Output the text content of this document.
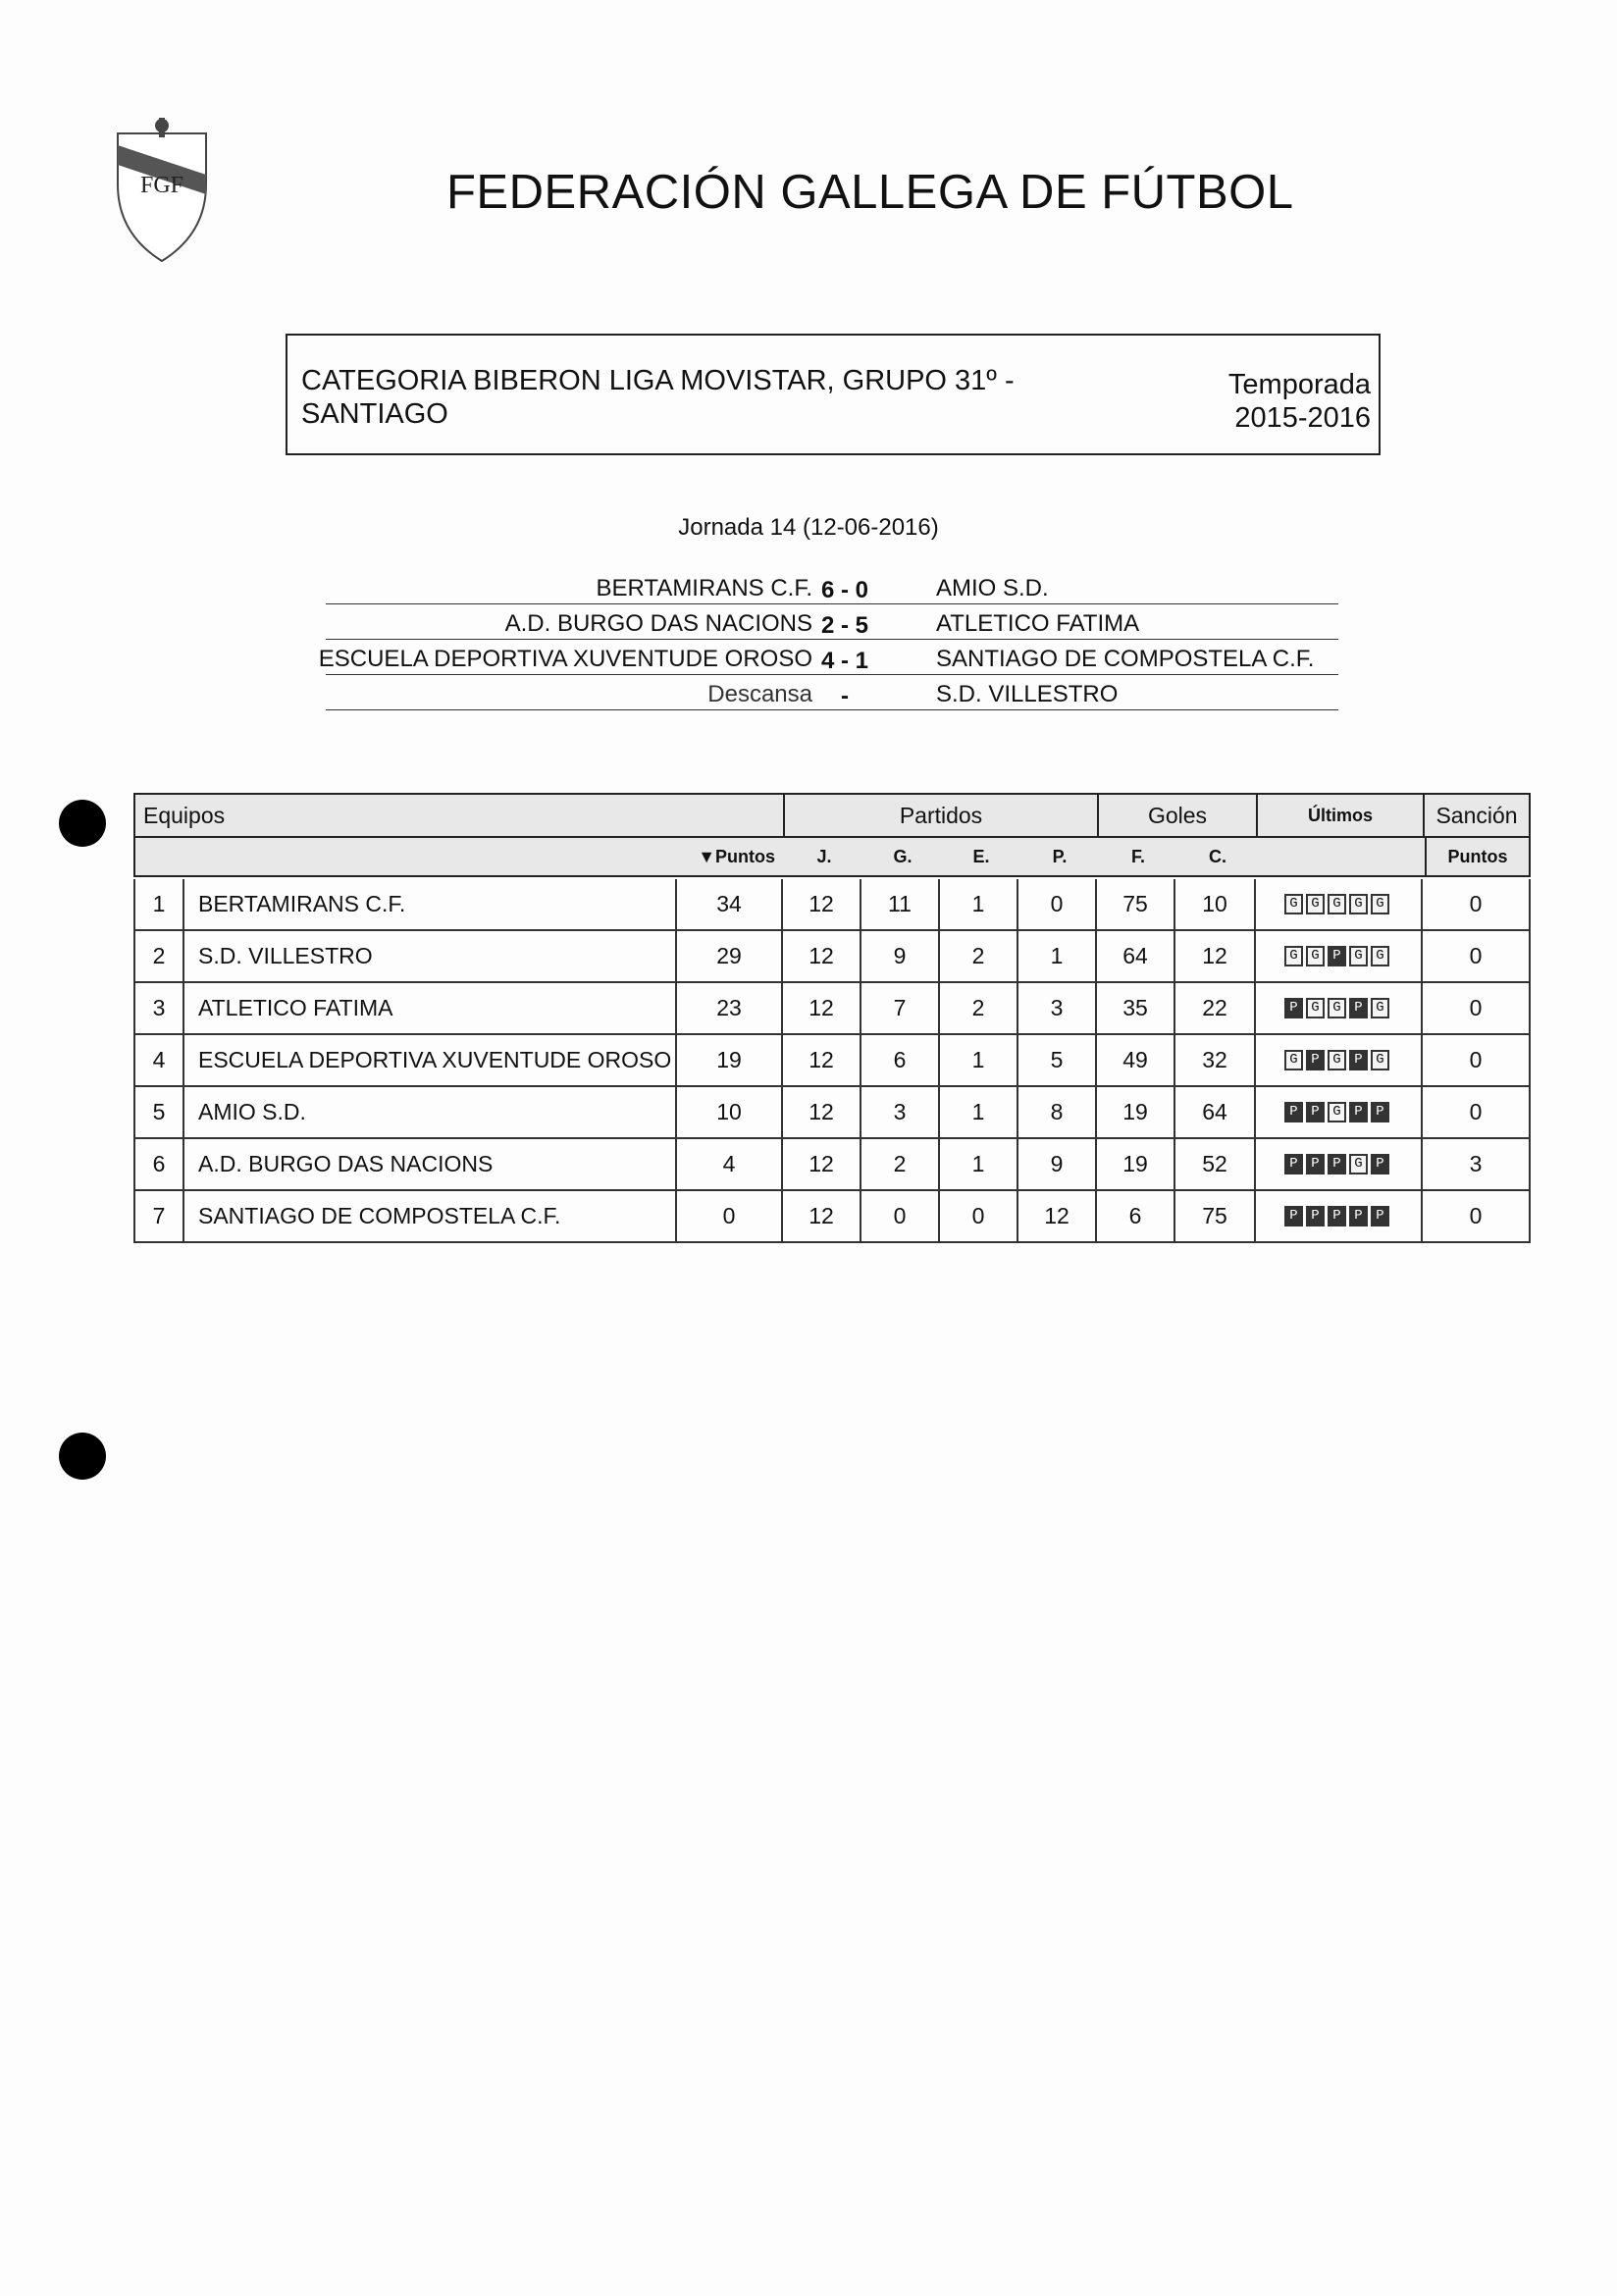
FGF	FEDERACIÓN GALLEGA DE FÚTBOL
CATEGORIA BIBERON LIGA MOVISTAR, GRUPO 31º -
SANTIAGO
Temporada
2015-2016
Jornada 14 (12-06-2016)
BERTAMIRANS C.F. 6 - 0	AMIO S.D.
A.D. BURGO DAS NACIONS 2 - 5	ATLETICO FATIMA
ESCUELA DEPORTIVA XUVENTUDE OROSO 4 - 1	SANTIAGO DE COMPOSTELA C.F.
Descansa	-	S.D. VILLESTRO
Equipos	Partidos	Goles	Últimos	Sanción
▼Puntos	J.	G.	E.	P.	F.	C.	Puntos
1	BERTAMIRANS C.F.	34	12	11	1	0	75	10	G G G G G	0
2	S.D. VILLESTRO	29	12	9	2	1	64	12	G G P G G	0
3	ATLETICO FATIMA	23	12	7	2	3	35	22	P G G P G	0
4	ESCUELA DEPORTIVA XUVENTUDE OROSO	19	12	6	1	5	49	32	G P G P G	0
5	AMIO S.D.	10	12	3	1	8	19	64	P P G P P	0
6	A.D. BURGO DAS NACIONS	4	12	2	1	9	19	52	P P P G P	3
7	SANTIAGO DE COMPOSTELA C.F.	0	12	0	0	12	6	75	P P P P P	0
